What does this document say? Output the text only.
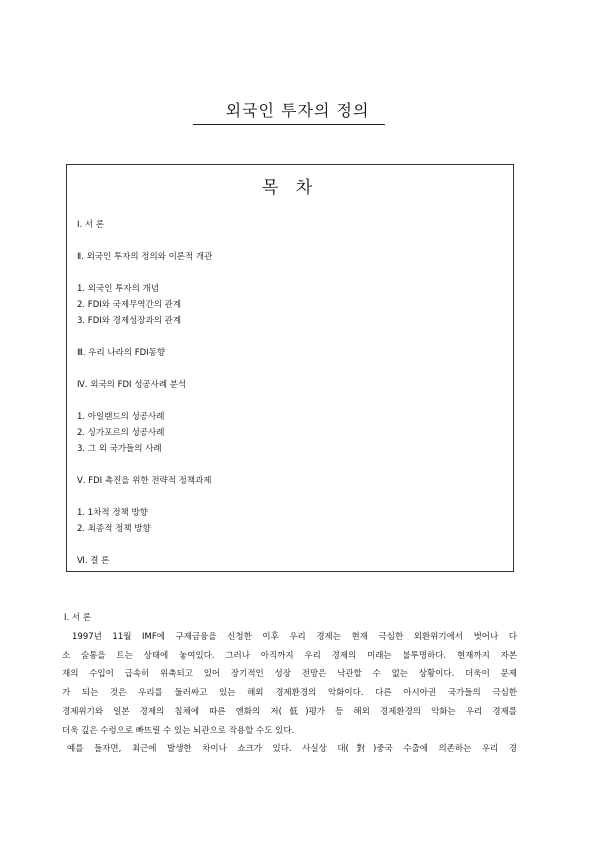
외국인 투자의 정의
목 차
Ⅰ. 서 론
Ⅱ. 외국인 투자의 정의와 이론적 개관
1. 외국인 투자의 개념
2. FDI와 국제무역간의 관계
3. FDI와 경제성장과의 관계
Ⅲ. 우리 나라의 FDI동향
Ⅳ. 외국의 FDI 성공사례 분석
1. 아일랜드의 성공사례
2. 싱가포르의 성공사례
3. 그 외 국가들의 사례
Ⅴ. FDI 촉진을 위한 전략적 정책과제
1. 1차적 정책 방향
2. 최종적 정책 방향
Ⅵ. 결 론
Ⅰ. 서 론
1997년 11월 IMF에 구제금융을 신청한 이후 우리 경제는 현재 극심한 외환위기에서 벗어나 다
소 숨통을 트는 상태에 놓여있다. 그러나 아직까지 우리 경제의 미래는 불투명하다. 현재까지 자본
재의 수입이 급속히 위축되고 있어 장기적인 성장 전망은 낙관할 수 없는 상황이다. 더욱이 문제
가 되는 것은 우리를 둘러싸고 있는 해외 경제환경의 악화이다. 다른 아시아권 국가들의 극심한
경제위기와 일본 경제의 침체에 따른 엔화의 저(低)평가 등 해외 경제환경의 악화는 우리 경제를
더욱 깊은 수렁으로 빠뜨릴 수 있는 뇌관으로 작용할 수도 있다.
예를 들자면, 최근에 발생한 차이나 쇼크가 있다. 사실상 대(對)중국 수출에 의존하는 우리 경
